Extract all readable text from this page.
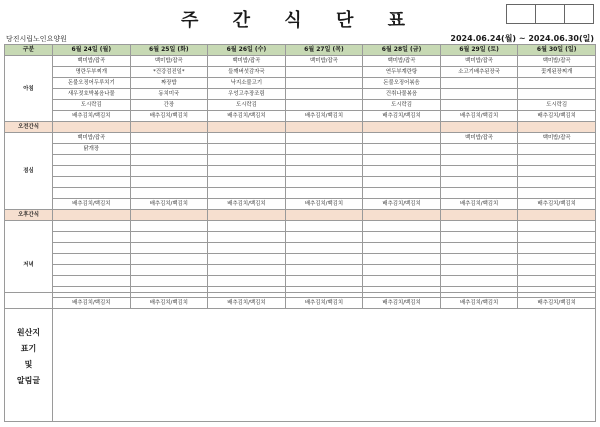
주 간 식 단 표
당진시립노인요양원	2024.06.24(월) ~ 2024.06.30(일)
구분	6월 24일 (월)	6월 25일 (화)	6월 26일 (수)	6월 27일 (목)	6월 28일 (금)	6월 29일 (토)	6월 30일 (일)
아침	백미밥/잡곡	백미밥/잡곡	백미밥/잡곡	백미밥/잡곡	백미밥/잡곡	백미밥/잡곡	백미밥/잡곡
	명란두부찌개	*건강검진일*	들깨버섯감자국		연두부계란탕	소고기배추된장국	꽃게된장찌개
	돈불오징어두루치기	짜장밥	낙지소불고기		돈불오징어볶음		
	새우젓호박볶음나물	동치미국	우엉고추장조림		건취나물볶음		
	도시락김	간장	도시락김		도시락김		도시락김
	배추김치/백김치	배추김치/백김치	배추김치/백김치	배추김치/백김치	배추김치/백김치	배추김치/백김치	배추김치/백김치
오전간식							
점심	백미밥/잡곡					백미밥/잡곡	백미밥/잡곡
	닭개장						

	배추김치/백김치	배추김치/백김치	배추김치/백김치	배추김치/백김치	배추김치/백김치	배추김치/백김치	배추김치/백김치
오후간식							
저녁							

	배추김치/백김치	배추김치/백김치	배추김치/백김치	배추김치/백김치	배추김치/백김치	배추김치/백김치	배추김치/백김치
원산지
표기
및
알림글
